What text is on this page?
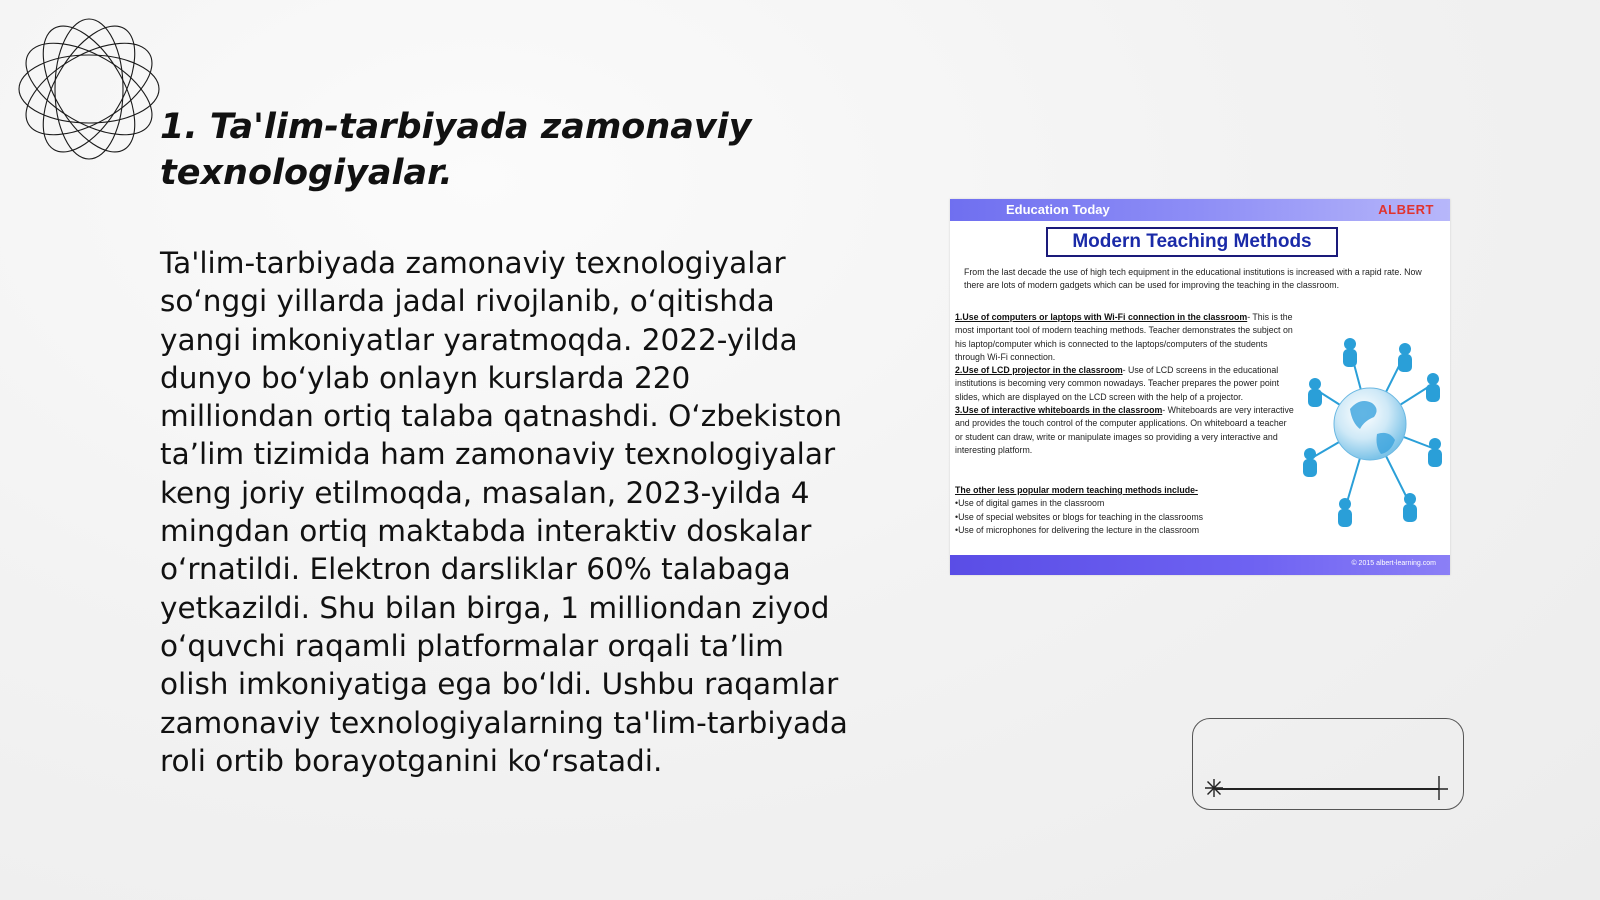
1. Ta'lim-tarbiyada zamonaviy texnologiyalar.

Ta'lim-tarbiyada zamonaviy texnologiyalar so‘nggi yillarda jadal rivojlanib, o‘qitishda yangi imkoniyatlar yaratmoqda. 2022-yilda dunyo bo‘ylab onlayn kurslarda 220 milliondan ortiq talaba qatnashdi. O‘zbekiston ta’lim tizimida ham zamonaviy texnologiyalar keng joriy etilmoqda, masalan, 2023-yilda 4 mingdan ortiq maktabda interaktiv doskalar o‘rnatildi. Elektron darsliklar 60% talabaga yetkazildi. Shu bilan birga, 1 milliondan ziyod o‘quvchi raqamli platformalar orqali ta’lim olish imkoniyatiga ega bo‘ldi. Ushbu raqamlar zamonaviy texnologiyalarning ta'lim-tarbiyada roli ortib borayotganini ko‘rsatadi.

Education Today	ALBERT
Modern Teaching Methods
From the last decade the use of high tech equipment in the educational institutions is increased with a rapid rate. Now there are lots of modern gadgets which can be used for improving the teaching in the classroom.
1.Use of computers or laptops with Wi-Fi connection in the classroom- This is the most important tool of modern teaching methods. Teacher demonstrates the subject on his laptop/computer which is connected to the laptops/computers of the students through Wi-Fi connection.
2.Use of LCD projector in the classroom- Use of LCD screens in the educational institutions is becoming very common nowadays. Teacher prepares the power point slides, which are displayed on the LCD screen with the help of a projector.
3.Use of interactive whiteboards in the classroom- Whiteboards are very interactive and provides the touch control of the computer applications. On whiteboard a teacher or student can draw, write or manipulate images so providing a very interactive and interesting platform.
The other less popular modern teaching methods include-
•Use of digital games in the classroom
•Use of special websites or blogs for teaching in the classrooms
•Use of microphones for delivering the lecture in the classroom
© 2015 albert-learning.com
